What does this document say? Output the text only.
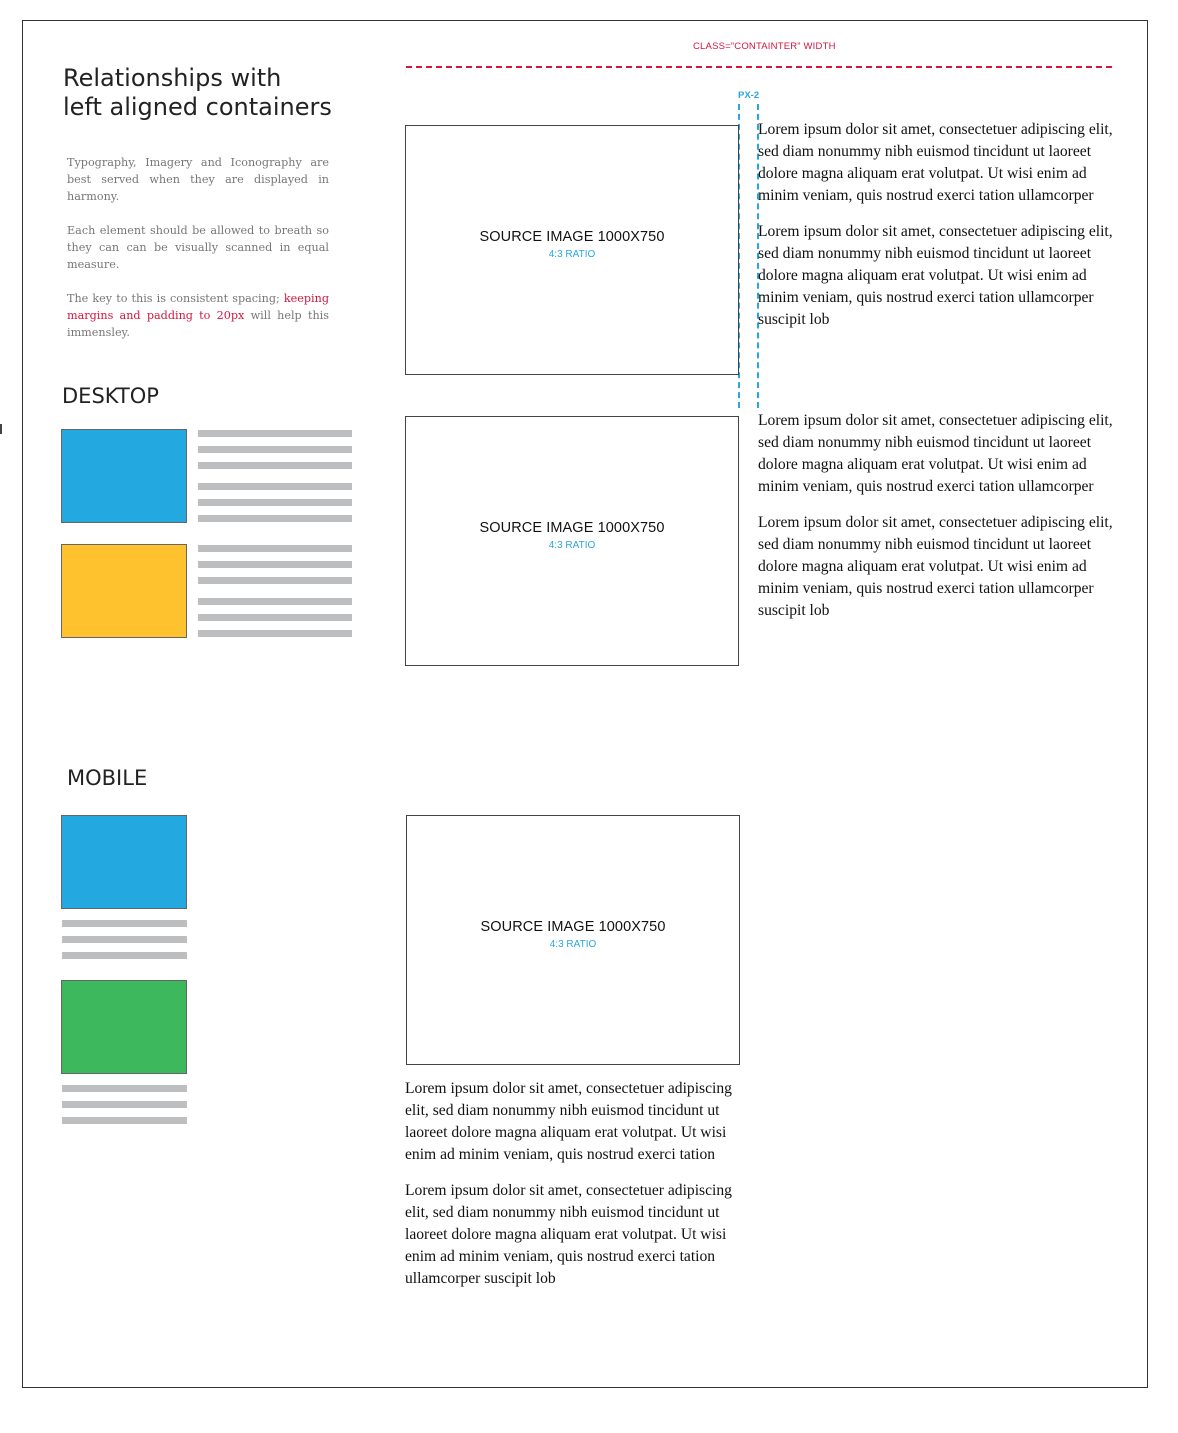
Relationships with
left aligned containers

Typography, Imagery and Iconography are best served when they are displayed in harmony.

Each element should be allowed to breath so they can can be visually scanned in equal measure.

The key to this is consistent spacing; keeping margins and padding to 20px will help this immensley.

DESKTOP
MOBILE
CLASS=”CONTAINTER” WIDTH
PX-2
SOURCE IMAGE 1000X750
4:3 RATIO

Lorem ipsum dolor sit amet, consectetuer adipiscing elit, sed diam nonummy nibh euismod tincidunt ut laoreet dolore magna aliquam erat volutpat. Ut wisi enim ad minim veniam, quis nostrud exerci tation ullamcorper

Lorem ipsum dolor sit amet, consectetuer adipiscing elit, sed diam nonummy nibh euismod tincidunt ut laoreet dolore magna aliquam erat volutpat. Ut wisi enim ad minim veniam, quis nostrud exerci tation ullamcorper suscipit lob

SOURCE IMAGE 1000X750
4:3 RATIO

Lorem ipsum dolor sit amet, consectetuer adipiscing elit, sed diam nonummy nibh euismod tincidunt ut laoreet dolore magna aliquam erat volutpat. Ut wisi enim ad minim veniam, quis nostrud exerci tation ullamcorper

Lorem ipsum dolor sit amet, consectetuer adipiscing elit, sed diam nonummy nibh euismod tincidunt ut laoreet dolore magna aliquam erat volutpat. Ut wisi enim ad minim veniam, quis nostrud exerci tation ullamcorper suscipit lob

SOURCE IMAGE 1000X750
4:3 RATIO

Lorem ipsum dolor sit amet, consectetuer adipiscing elit, sed diam nonummy nibh euismod tincidunt ut laoreet dolore magna aliquam erat volutpat. Ut wisi enim ad minim veniam, quis nostrud exerci tation

Lorem ipsum dolor sit amet, consectetuer adipiscing elit, sed diam nonummy nibh euismod tincidunt ut laoreet dolore magna aliquam erat volutpat. Ut wisi enim ad minim veniam, quis nostrud exerci tation ullamcorper suscipit lob
